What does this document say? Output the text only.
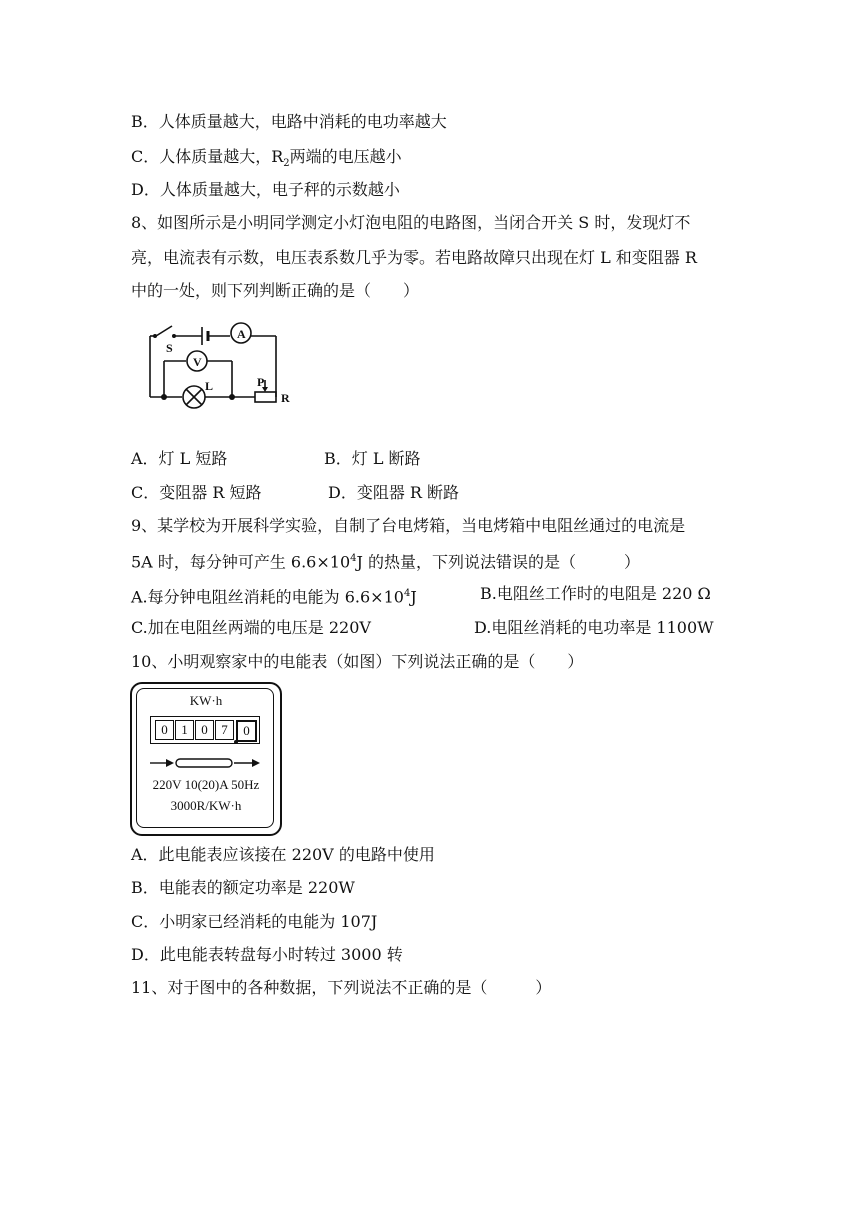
B．人体质量越大，电路中消耗的电功率越大
C．人体质量越大，$R_2$两端的电压越小
D．人体质量越大，电子秤的示数越小
8、如图所示是小明同学测定小灯泡电阻的电路图，当闭合开关 S 时，发现灯不
亮，电流表有示数，电压表系数几乎为零。若电路故障只出现在灯 L 和变阻器 R
中的一处，则下列判断正确的是（　　）
S
A
V
L	P
R
A．灯 L 短路	B．灯 L 断路
C．变阻器 R 短路	D．变阻器 R 断路
9、某学校为开展科学实验，自制了台电烤箱，当电烤箱中电阻丝通过的电流是
5A 时，每分钟可产生 $6.6\times 10^4J$ 的热量，下列说法错误的是（　　　）
A.每分钟电阻丝消耗的电能为 $6.6\times 10^4J$	B.电阻丝工作时的电阻是 220 Ω
C.加在电阻丝两端的电压是 220V	D.电阻丝消耗的电功率是 1100W
10、小明观察家中的电能表（如图）下列说法正确的是（　　）
KW·h
0	1	0	7	0
220V 10(20)A 50Hz
3000R/KW·h
A．此电能表应该接在 220V 的电路中使用
B．电能表的额定功率是 220W
C．小明家已经消耗的电能为 107J
D．此电能表转盘每小时转过 3000 转
11、对于图中的各种数据，下列说法不正确的是（　　　）
